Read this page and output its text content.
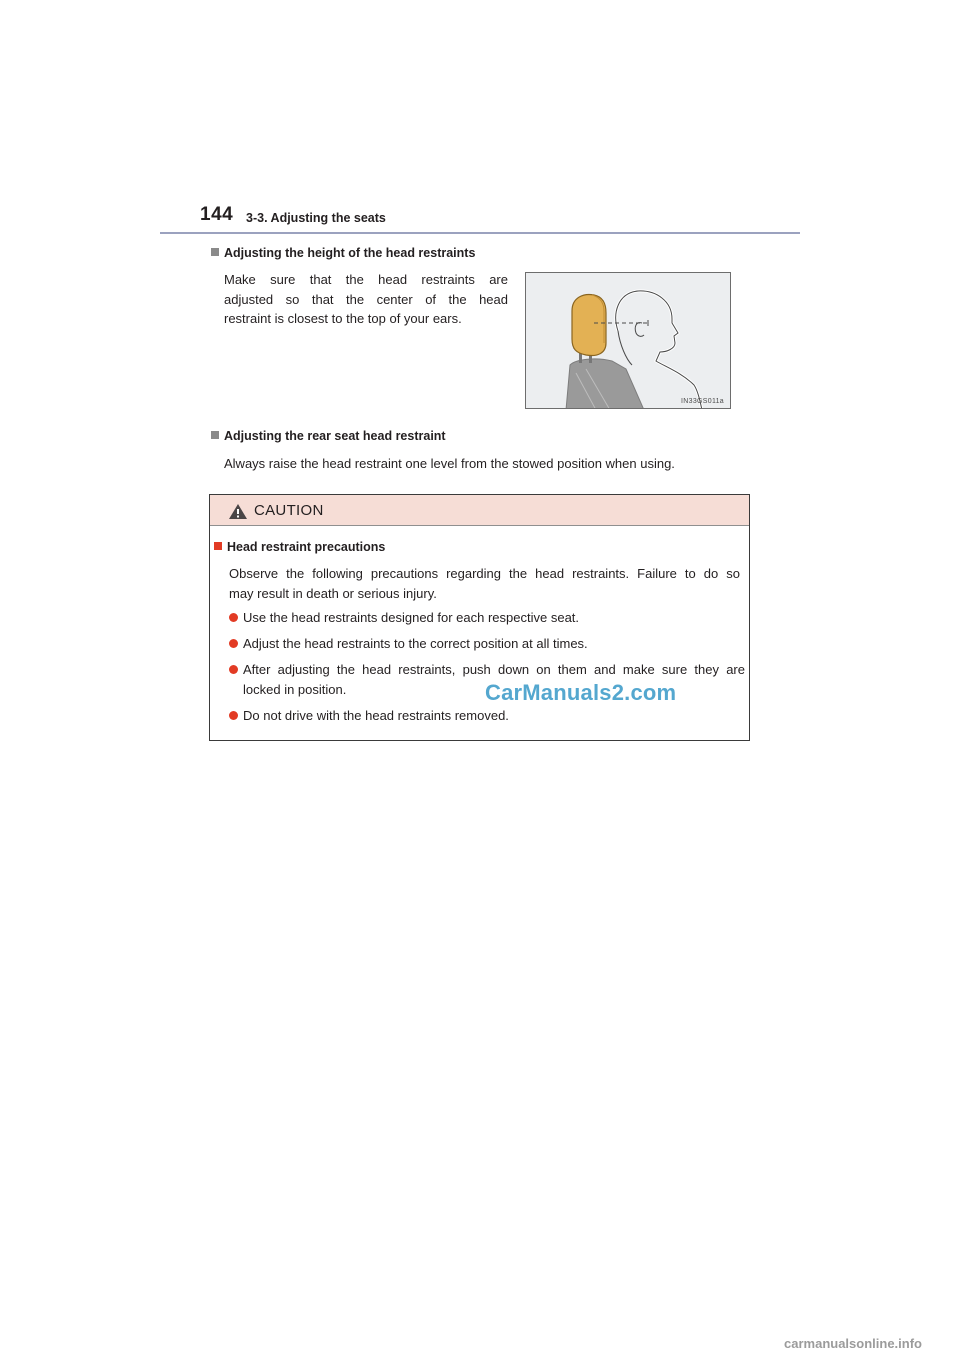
144 3-3. Adjusting the seats
Adjusting the height of the head restraints
Make sure that the head restraints are
adjusted so that the center of the head
restraint is closest to the top of your ears.
IN33GS011a
Adjusting the rear seat head restraint
Always raise the head restraint one level from the stowed position when using.
CAUTION
Head restraint precautions
Observe the following precautions regarding the head restraints. Failure to do so
may result in death or serious injury.
Use the head restraints designed for each respective seat.
Adjust the head restraints to the correct position at all times.
After adjusting the head restraints, push down on them and make sure they are
locked in position.
Do not drive with the head restraints removed.
CarManuals2.com
carmanualsonline.info
